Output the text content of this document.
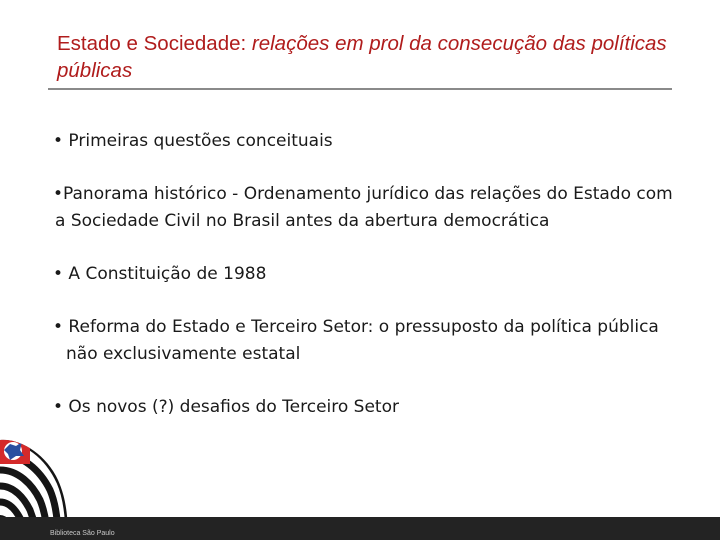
Estado e Sociedade: relações em prol da consecução das políticas públicas
• Primeiras questões conceituais
•Panorama histórico - Ordenamento jurídico das relações do Estado com
a Sociedade Civil no Brasil antes da abertura democrática
• A Constituição de 1988
• Reforma do Estado e Terceiro Setor: o pressuposto da política pública
não exclusivamente estatal
• Os novos (?) desafios do Terceiro Setor
Biblioteca São Paulo
